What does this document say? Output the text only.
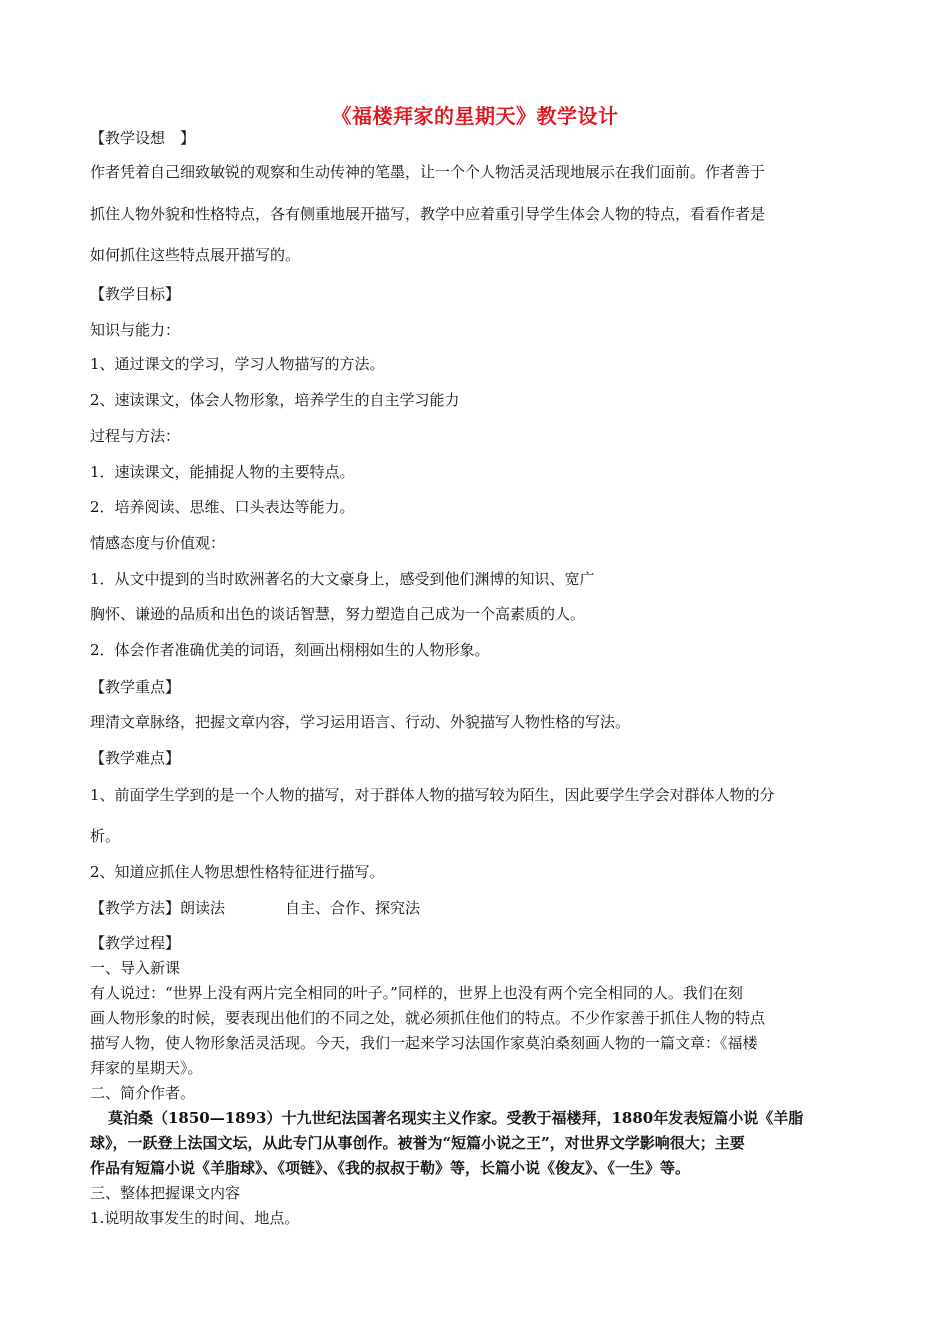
《福楼拜家的星期天》教学设计
【教学设想　】
作者凭着自己细致敏锐的观察和生动传神的笔墨，让一个个人物活灵活现地展示在我们面前。作者善于
抓住人物外貌和性格特点，各有侧重地展开描写，教学中应着重引导学生体会人物的特点，看看作者是
如何抓住这些特点展开描写的。
【教学目标】
知识与能力：
1、通过课文的学习，学习人物描写的方法。
2、速读课文，体会人物形象，培养学生的自主学习能力
过程与方法：
1．速读课文，能捕捉人物的主要特点。
2．培养阅读、思维、口头表达等能力。
情感态度与价值观：
1．从文中提到的当时欧洲著名的大文豪身上，感受到他们渊博的知识、宽广
胸怀、谦逊的品质和出色的谈话智慧，努力塑造自己成为一个高素质的人。
2．体会作者准确优美的词语，刻画出栩栩如生的人物形象。
【教学重点】
理清文章脉络，把握文章内容，学习运用语言、行动、外貌描写人物性格的写法。
【教学难点】
1、前面学生学到的是一个人物的描写，对于群体人物的描写较为陌生，因此要学生学会对群体人物的分
析。
2、知道应抓住人物思想性格特征进行描写。
【教学方法】朗读法	自主、合作、探究法
【教学过程】
一、导入新课
有人说过：“世界上没有两片完全相同的叶子。”同样的，世界上也没有两个完全相同的人。我们在刻
画人物形象的时候，要表现出他们的不同之处，就必须抓住他们的特点。不少作家善于抓住人物的特点
描写人物，使人物形象活灵活现。今天，我们一起来学习法国作家莫泊桑刻画人物的一篇文章：《福楼
拜家的星期天》。
二、简介作者。
莫泊桑（1850—1893）十九世纪法国著名现实主义作家。受教于福楼拜，1880年发表短篇小说《羊脂
球》，一跃登上法国文坛，从此专门从事创作。被誉为“短篇小说之王”，对世界文学影响很大；主要
作品有短篇小说《羊脂球》、《项链》、《我的叔叔于勒》等，长篇小说《俊友》、《一生》等。
三、整体把握课文内容
1.说明故事发生的时间、地点。
